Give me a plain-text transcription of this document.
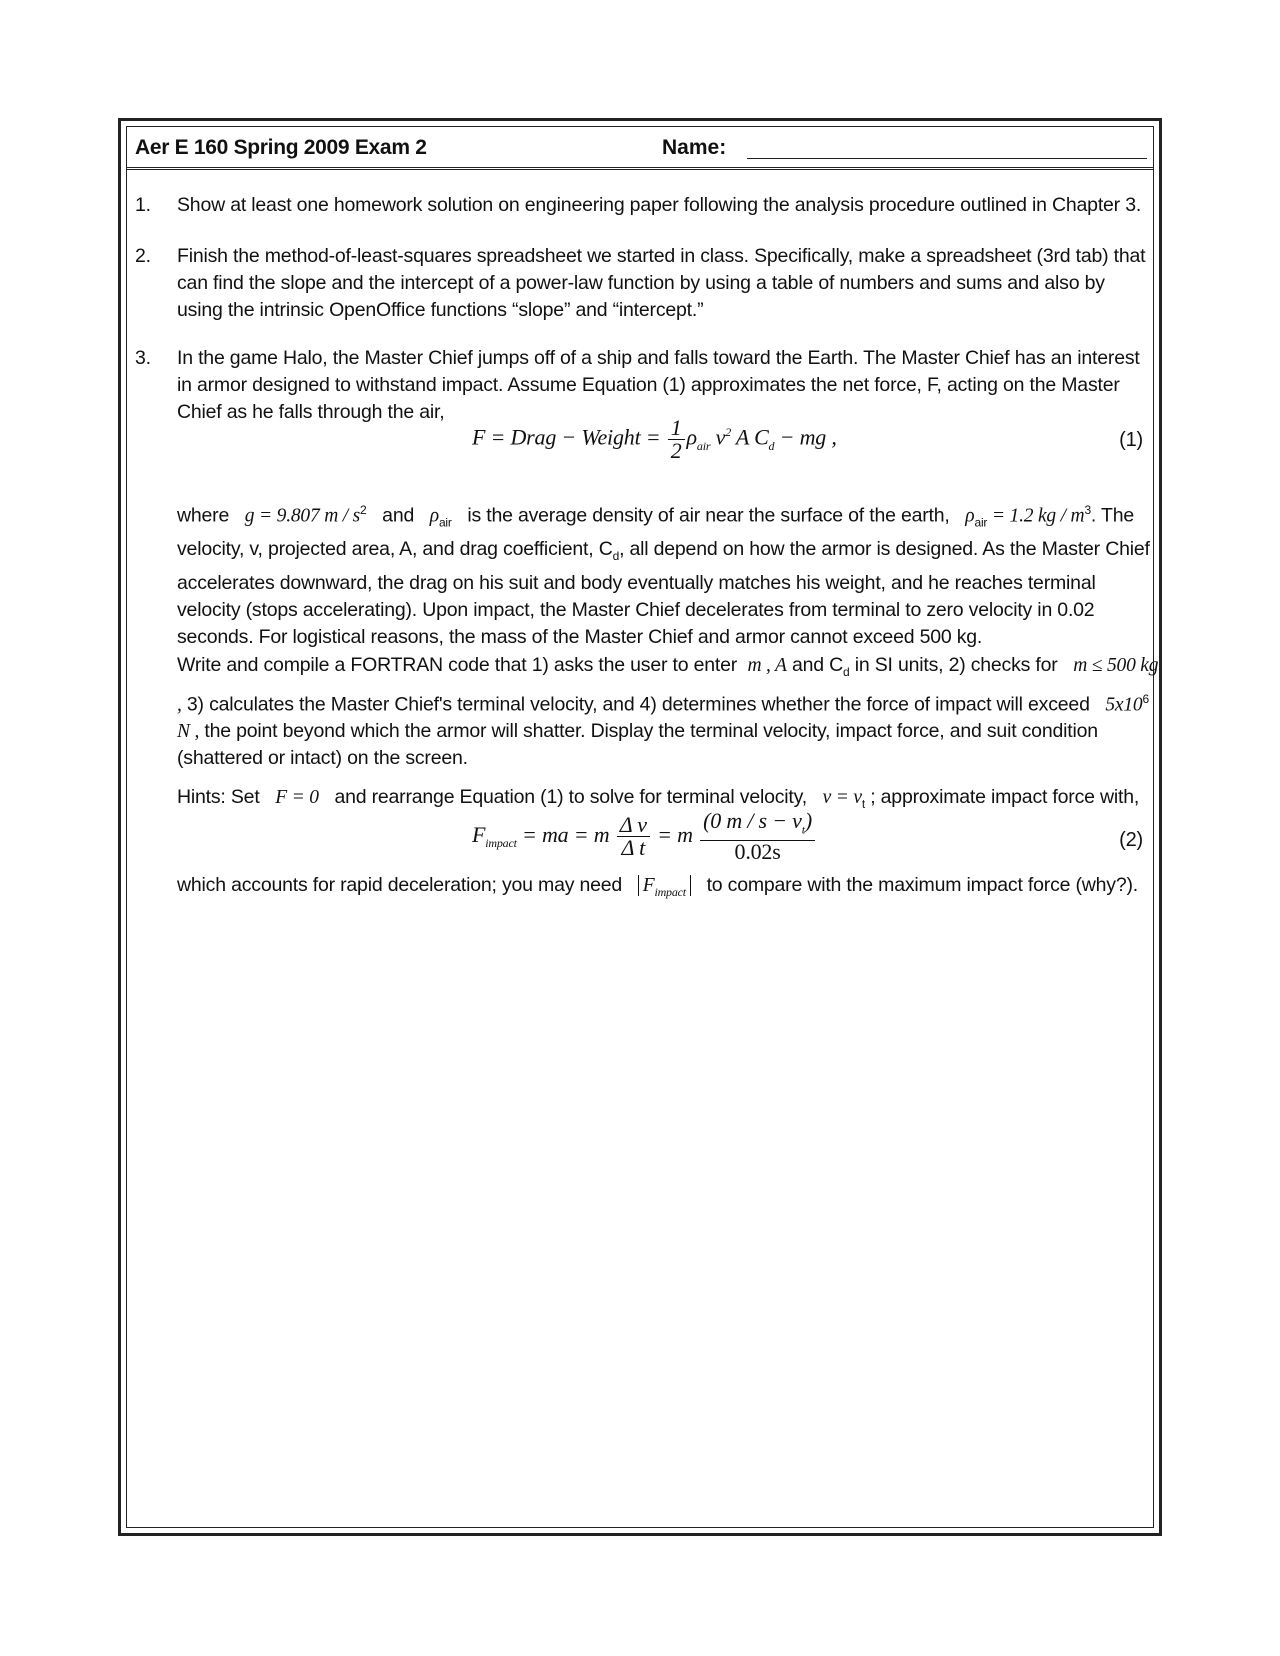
Aer E 160 Spring 2009 Exam 2	Name:
1. Show at least one homework solution on engineering paper following the analysis procedure outlined in Chapter 3.
2. Finish the method-of-least-squares spreadsheet we started in class. Specifically, make a spreadsheet (3rd tab) that can find the slope and the intercept of a power-law function by using a table of numbers and sums and also by using the intrinsic OpenOffice functions “slope” and “intercept.”
3. In the game Halo, the Master Chief jumps off of a ship and falls toward the Earth. The Master Chief has an interest in armor designed to withstand impact. Assume Equation (1) approximates the net force, F, acting on the Master Chief as he falls through the air,
F = Drag − Weight = $\frac{1}{2} \rho_{air}$ $v^2$ A $C_d$ − mg ,	(1)
where g = 9.807 m / $s^2$ and $\rho_{air}$ is the average density of air near the surface of the earth, $\rho_{air} = 1.2$ kg / $m^3$. The velocity, v, projected area, A, and drag coefficient, $C_d$, all depend on how the armor is designed. As the Master Chief accelerates downward, the drag on his suit and body eventually matches his weight, and he reaches terminal velocity (stops accelerating). Upon impact, the Master Chief decelerates from terminal to zero velocity in 0.02 seconds. For logistical reasons, the mass of the Master Chief and armor cannot exceed 500 kg.
Write and compile a FORTRAN code that 1) asks the user to enter m , A and $C_d$ in SI units, 2) checks for m ≤ 500 kg , 3) calculates the Master Chief's terminal velocity, and 4) determines whether the force of impact will exceed $5x10^6$ N , the point beyond which the armor will shatter. Display the terminal velocity, impact force, and suit condition (shattered or intact) on the screen.
Hints: Set F = 0 and rearrange Equation (1) to solve for terminal velocity, $v = v_t$ ; approximate impact force with,
$F_{impact}$ = ma = m $\frac{\text{Δ v}}{\text{Δ t}} = m \frac{(0 m / s - v_t)}{0.02s}$	(2)
which accounts for rapid deceleration; you may need $F_{impact}$ to compare with the maximum impact force (why?).
